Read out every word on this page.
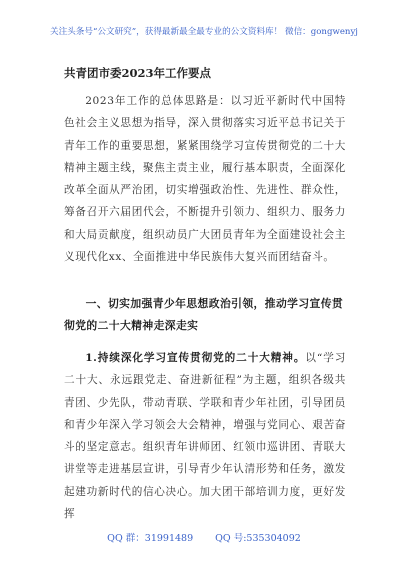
关注头条号“公文研究”，获得最新最全最专业的公文资料库！ 微信：gongwenyj
共青团市委2023年工作要点

2023年工作的总体思路是：以习近平新时代中国特色社会主义思想为指导，深入贯彻落实习近平总书记关于青年工作的重要思想，紧紧围绕学习宣传贯彻党的二十大精神主题主线，聚焦主责主业，履行基本职责，全面深化改革全面从严治团，切实增强政治性、先进性、群众性，筹备召开六届团代会，不断提升引领力、组织力、服务力和大局贡献度，组织动员广大团员青年为全面建设社会主义现代化xx、全面推进中华民族伟大复兴而团结奋斗。

一、切实加强青少年思想政治引领，推动学习宣传贯彻党的二十大精神走深走实

1.持续深化学习宣传贯彻党的二十大精神。以“学习二十大、永远跟党走、奋进新征程”为主题，组织各级共青团、少先队，带动青联、学联和青少年社团，引导团员和青少年深入学习领会大会精神，增强与党同心、艰苦奋斗的坚定意志。组织青年讲师团、红领巾巡讲团、青联大讲堂等走进基层宣讲，引导青少年认清形势和任务，激发起建功新时代的信心决心。加大团干部培训力度，更好发挥

QQ 群：31991489 QQ 号:535304092
